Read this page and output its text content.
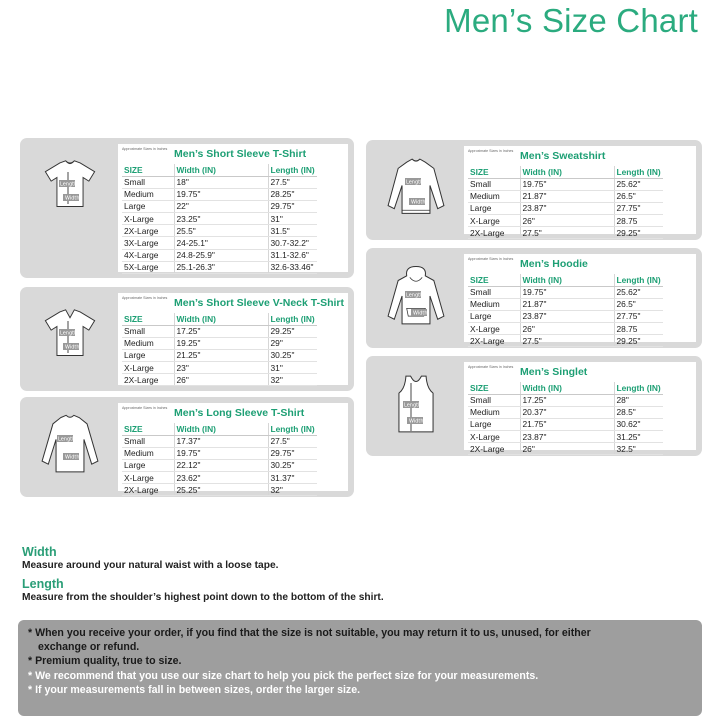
Men’s Size Chart
Length
Width
Approximate Sizes in Inches Men’s Short Sleeve T-Shirt
SIZE	Width (IN)	Length (IN)
Small	18"	27.5"
Medium	19.75"	28.25"
Large	22"	29.75"
X-Large	23.25"	31"
2X-Large	25.5"	31.5"
3X-Large	24-25.1"	30.7-32.2"
4X-Large	24.8-25.9"	31.1-32.6"
5X-Large	25.1-26.3"	32.6-33.46"
Length
Width
Approximate Sizes in Inches Men’s Short Sleeve V-Neck T-Shirt
SIZE	Width (IN)	Length (IN)
Small	17.25"	29.25"
Medium	19.25"	29"
Large	21.25"	30.25"
X-Large	23"	31"
2X-Large	26"	32"
Length
Width
Approximate Sizes in Inches Men’s Long Sleeve T-Shirt
SIZE	Width (IN)	Length (IN)
Small	17.37"	27.5"
Medium	19.75"	29.75"
Large	22.12"	30.25"
X-Large	23.62"	31.37"
2X-Large	25.25"	32"
Length
Width
Approximate Sizes in Inches Men’s Sweatshirt
SIZE	Width (IN)	Length (IN)
Small	19.75"	25.62"
Medium	21.87"	26.5"
Large	23.87"	27.75"
X-Large	26"	28.75
2X-Large	27.5"	29.25"
Length
Width
Approximate Sizes in Inches Men’s Hoodie
SIZE	Width (IN)	Length (IN)
Small	19.75"	25.62"
Medium	21.87"	26.5"
Large	23.87"	27.75"
X-Large	26"	28.75
2X-Large	27.5"	29.25"
Length
Width
Approximate Sizes in Inches Men’s Singlet
SIZE	Width (IN)	Length (IN)
Small	17.25"	28"
Medium	20.37"	28.5"
Large	21.75"	30.62"
X-Large	23.87"	31.25"
2X-Large	26"	32.5"
Width
Measure around your natural waist with a loose tape.
Length
Measure from the shoulder’s highest point down to the bottom of the shirt.
* When you receive your order, if you find that the size is not suitable, you may return it to us, unused, for either
exchange or refund.
* Premium quality, true to size.
* We recommend that you use our size chart to help you pick the perfect size for your measurements.
* If your measurements fall in between sizes, order the larger size.
